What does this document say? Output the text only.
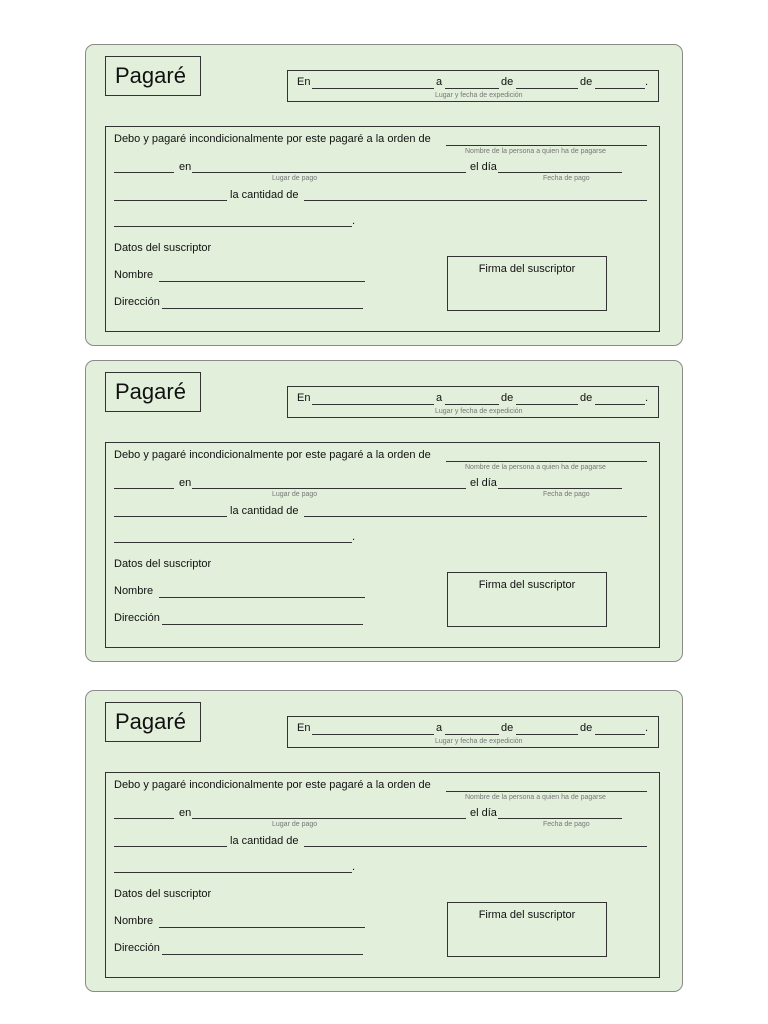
Pagaré	En	a	de	de	.
Lugar y fecha de expedición
Debo y pagaré incondicionalmente por este pagaré a la orden de
Nombre de la persona a quien ha de pagarse
en	el día
Lugar de pago	Fecha de pago
la cantidad de
.
Datos del suscriptor
Nombre
Dirección
Firma del suscriptor
Pagaré	En	a	de	de	.
Lugar y fecha de expedición
Debo y pagaré incondicionalmente por este pagaré a la orden de
Nombre de la persona a quien ha de pagarse
en	el día
Lugar de pago	Fecha de pago
la cantidad de
.
Datos del suscriptor
Nombre
Dirección
Firma del suscriptor
Pagaré	En	a	de	de	.
Lugar y fecha de expedición
Debo y pagaré incondicionalmente por este pagaré a la orden de
Nombre de la persona a quien ha de pagarse
en	el día
Lugar de pago	Fecha de pago
la cantidad de
.
Datos del suscriptor
Nombre
Dirección
Firma del suscriptor
